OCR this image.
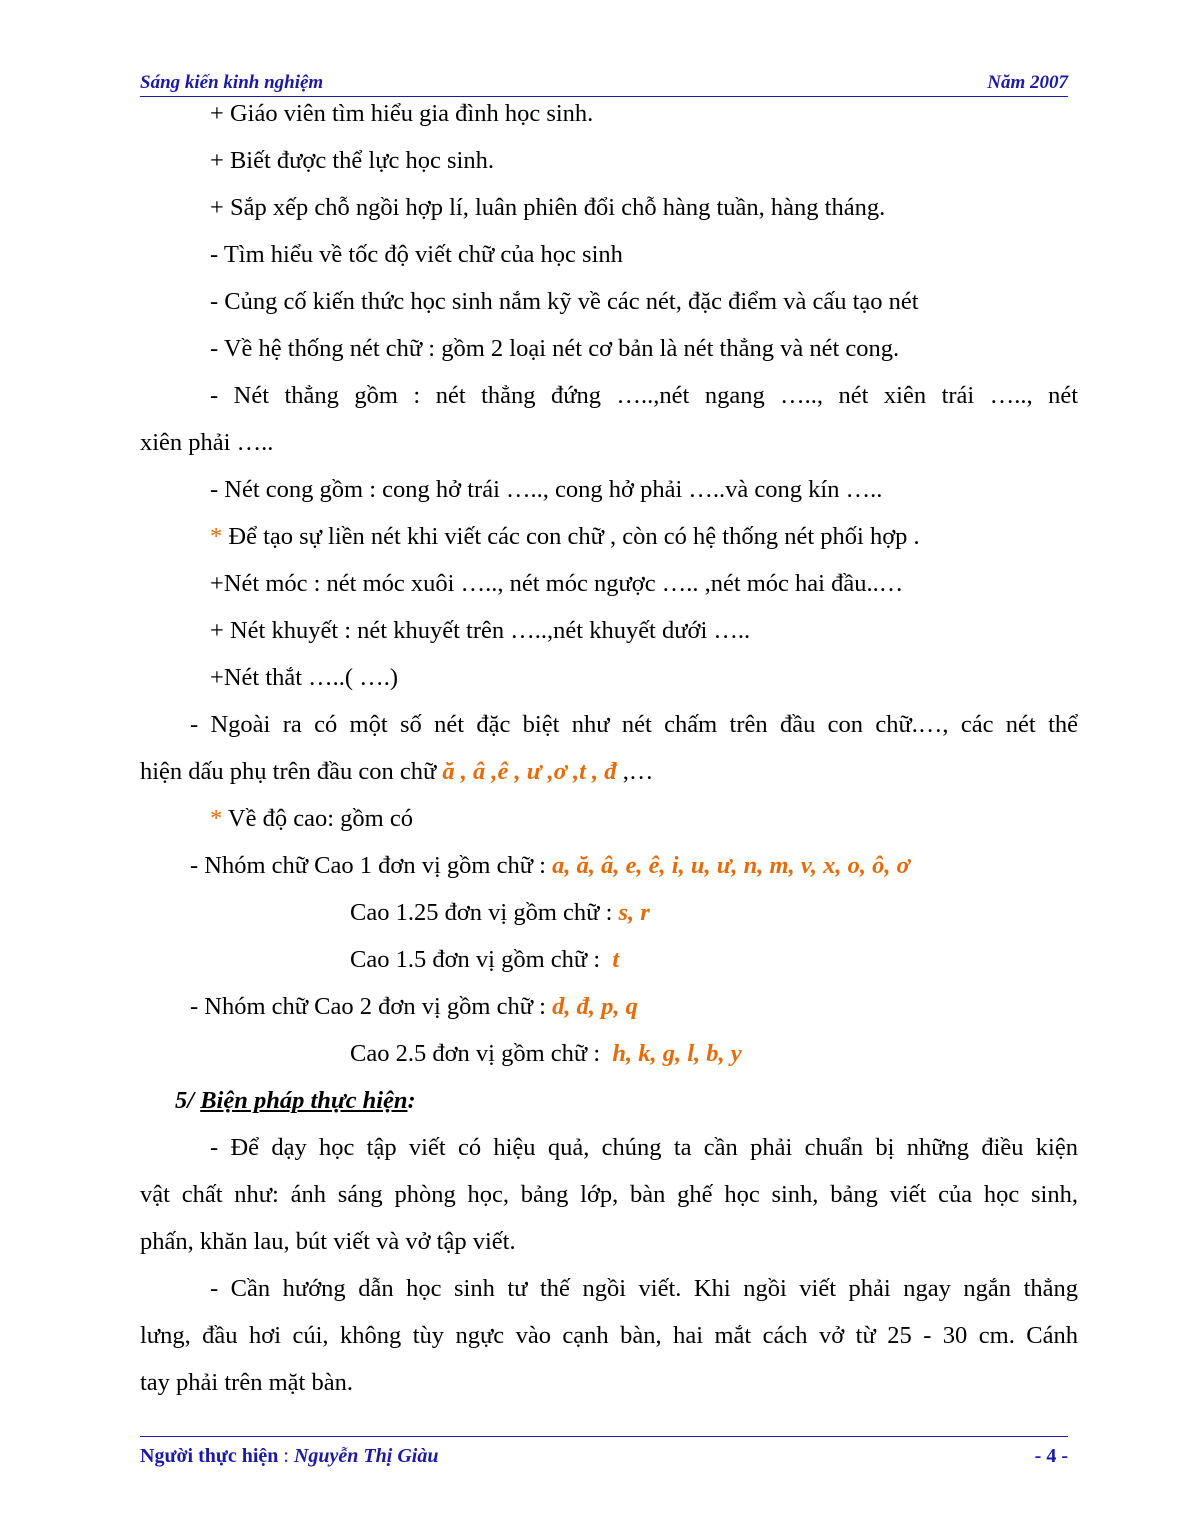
Sáng kiến kinh nghiệm	Năm 2007
+ Giáo viên tìm hiểu gia đình học sinh.
+ Biết được thể lực học sinh.
+ Sắp xếp chỗ ngồi hợp lí, luân phiên đổi chỗ hàng tuần, hàng tháng.
- Tìm hiểu về tốc độ viết chữ của học sinh
- Củng cố kiến thức học sinh nắm kỹ về các nét, đặc điểm và cấu tạo nét
- Về hệ thống nét chữ : gồm 2 loại nét cơ bản là nét thẳng và nét cong.
- Nét thẳng gồm : nét thẳng đứng …..,nét ngang ….., nét xiên trái ….., nét
xiên phải …..
- Nét cong gồm : cong hở trái ….., cong hở phải …..và cong kín …..
* Để tạo sự liền nét khi viết các con chữ , còn có hệ thống nét phối hợp .
+Nét móc : nét móc xuôi ….., nét móc ngược ….. ,nét móc hai đầu..…
+ Nét khuyết : nét khuyết trên …..,nét khuyết dưới …..
+Nét thắt …..( ….)
- Ngoài ra có một số nét đặc biệt như nét chấm trên đầu con chữ.…, các nét thể
hiện dấu phụ trên đầu con chữ ă , â ,ê , ư ,ơ ,t , đ ,…
* Về độ cao: gồm có
- Nhóm chữ Cao 1 đơn vị gồm chữ : a, ă, â, e, ê, i, u, ư, n, m, v, x, o, ô, ơ
Cao 1.25 đơn vị gồm chữ : s, r
Cao 1.5 đơn vị gồm chữ :  t
- Nhóm chữ Cao 2 đơn vị gồm chữ : d, đ, p, q
Cao 2.5 đơn vị gồm chữ :  h, k, g, l, b, y
5/ Biện pháp thực hiện:
- Để dạy học tập viết có hiệu quả, chúng ta cần phải chuẩn bị những điều kiện
vật chất như: ánh sáng phòng học, bảng lớp, bàn ghế học sinh, bảng viết của học sinh,
phấn, khăn lau, bút viết và vở tập viết.
- Cần hướng dẫn học sinh tư thế ngồi viết. Khi ngồi viết phải ngay ngắn thẳng
lưng, đầu hơi cúi, không tùy ngực vào cạnh bàn, hai mắt cách vở từ 25 - 30 cm. Cánh
tay phải trên mặt bàn.
Người thực hiện : Nguyễn Thị Giàu	- 4 -
